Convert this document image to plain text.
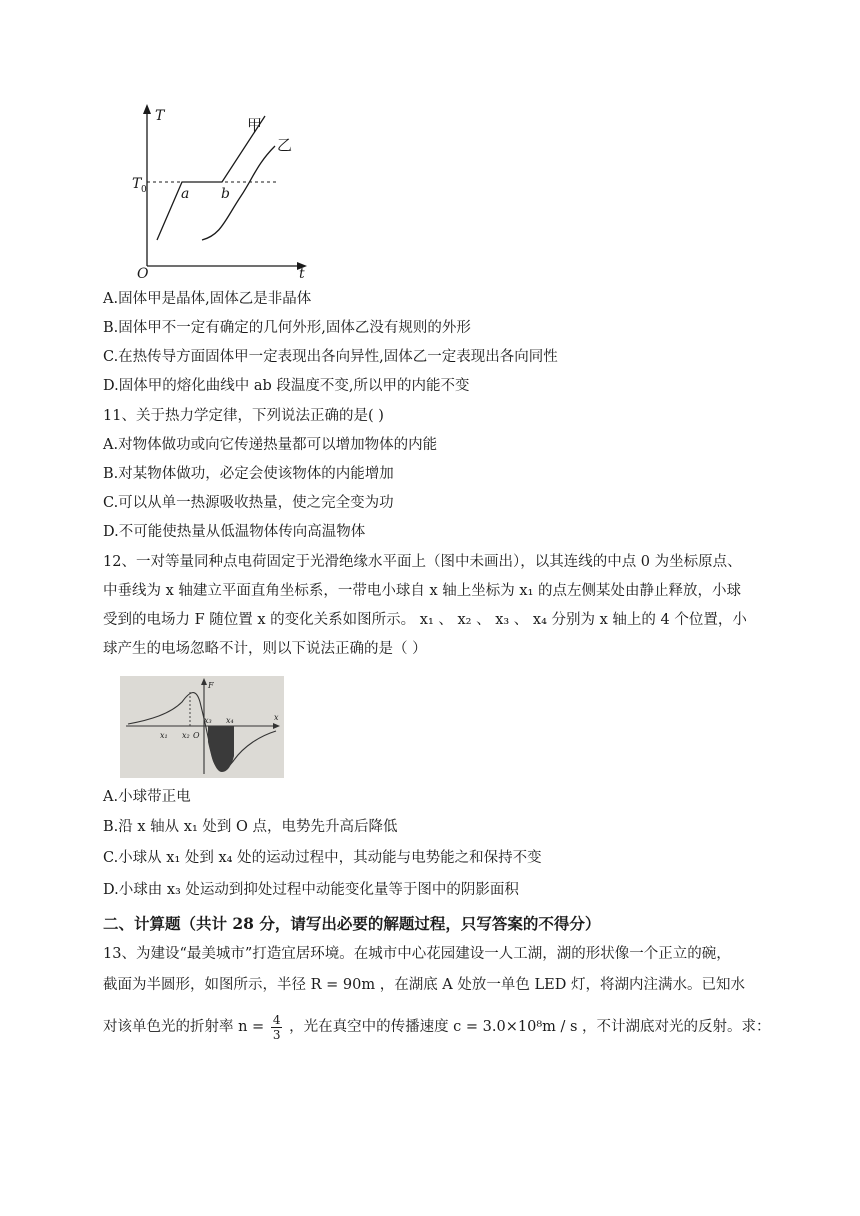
T
t
O
T 0 a b
甲
乙
A.固体甲是晶体,固体乙是非晶体
B.固体甲不一定有确定的几何外形,固体乙没有规则的外形
C.在热传导方面固体甲一定表现出各向异性,固体乙一定表现出各向同性
D.固体甲的熔化曲线中 ab 段温度不变,所以甲的内能不变
11、关于热力学定律，下列说法正确的是( )
A.对物体做功或向它传递热量都可以增加物体的内能
B.对某物体做功，必定会使该物体的内能增加
C.可以从单一热源吸收热量，使之完全变为功
D.不可能使热量从低温物体传向高温物体
12、一对等量同种点电荷固定于光滑绝缘水平面上（图中未画出），以其连线的中点 0 为坐标原点、中垂线为 x 轴建立平面直角坐标系，一带电小球自 x 轴上坐标为 x₁ 的点左侧某处由静止释放，小球受到的电场力 F 随位置 x 的变化关系如图所示。 x₁ 、 x₂ 、 x₃ 、 x₄ 分别为 x 轴上的 4 个位置，小球产生的电场忽略不计，则以下说法正确的是（ ）
F
x
O
x₁ x₂
x₃ x₄
A.小球带正电
B.沿 x 轴从 x₁ 处到 O 点，电势先升高后降低
C.小球从 x₁ 处到 x₄ 处的运动过程中，其动能与电势能之和保持不变
D.小球由 x₃ 处运动到抑处过程中动能变化量等于图中的阴影面积
二、计算题（共计 28 分，请写出必要的解题过程，只写答案的不得分）
13、为建设“最美城市”打造宜居环境。在城市中心花园建设一人工湖，湖的形状像一个正立的碗，
截面为半圆形，如图所示，半径 R = 90m ，在湖底 A 处放一单色 LED 灯，将湖内注满水。已知水
对该单色光的折射率 $n = \frac{4}{3}$ ，光在真空中的传播速度 c = 3.0×10⁸m / s ，不计湖底对光的反射。求：
